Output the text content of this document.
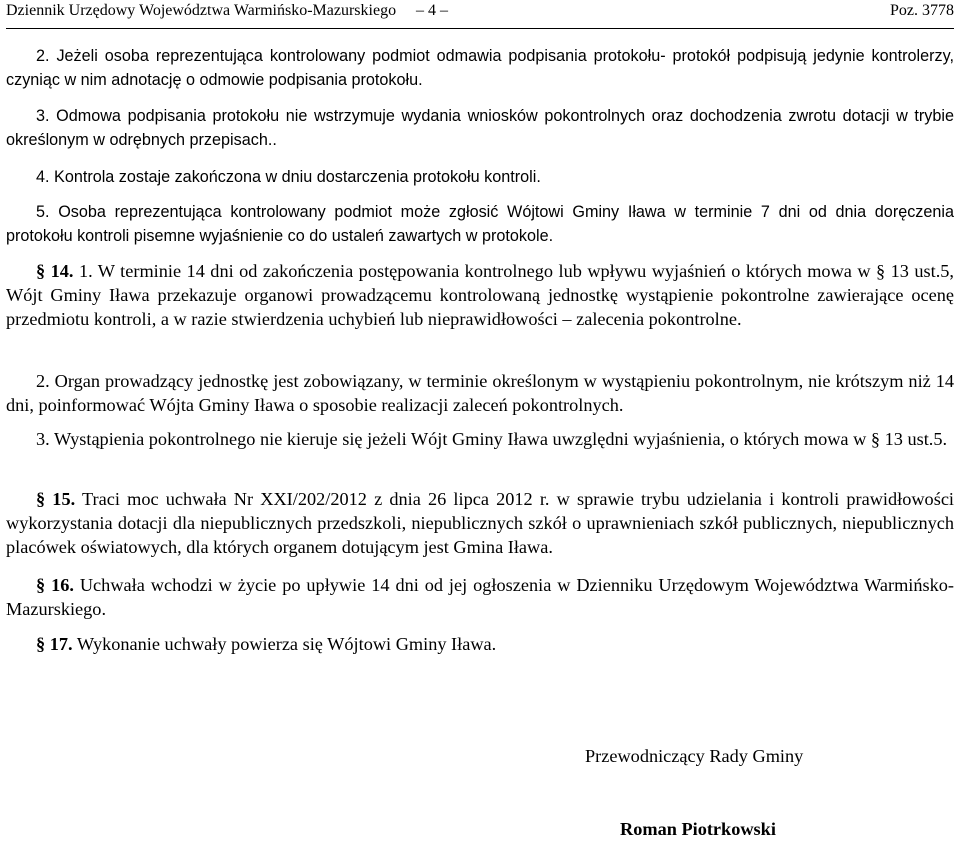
Dziennik Urzędowy Województwa Warmińsko-Mazurskiego – 4 –	Poz. 3778
2. Jeżeli osoba reprezentująca kontrolowany podmiot odmawia podpisania protokołu- protokół podpisują jedynie kontrolerzy, czyniąc w nim adnotację o odmowie podpisania protokołu.
3. Odmowa podpisania protokołu nie wstrzymuje wydania wniosków pokontrolnych oraz dochodzenia zwrotu dotacji w trybie określonym w odrębnych przepisach..
4. Kontrola zostaje zakończona w dniu dostarczenia protokołu kontroli.
5. Osoba reprezentująca kontrolowany podmiot może zgłosić Wójtowi Gminy Iława w terminie 7 dni od dnia doręczenia protokołu kontroli pisemne wyjaśnienie co do ustaleń zawartych w protokole.
§ 14. 1. W terminie 14 dni od zakończenia postępowania kontrolnego lub wpływu wyjaśnień o których mowa w § 13 ust.5, Wójt Gminy Iława przekazuje organowi prowadzącemu kontrolowaną jednostkę wystąpienie pokontrolne zawierające ocenę przedmiotu kontroli, a w razie stwierdzenia uchybień lub nieprawidłowości – zalecenia pokontrolne.
2. Organ prowadzący jednostkę jest zobowiązany, w terminie określonym w wystąpieniu pokontrolnym, nie krótszym niż 14 dni, poinformować Wójta Gminy Iława o sposobie realizacji zaleceń pokontrolnych.
3. Wystąpienia pokontrolnego nie kieruje się jeżeli Wójt Gminy Iława uwzględni wyjaśnienia, o których mowa w § 13 ust.5.
§ 15. Traci moc uchwała Nr XXI/202/2012 z dnia 26 lipca 2012 r. w sprawie trybu udzielania i kontroli prawidłowości wykorzystania dotacji dla niepublicznych przedszkoli, niepublicznych szkół o uprawnieniach szkół publicznych, niepublicznych placówek oświatowych, dla których organem dotującym jest Gmina Iława.
§ 16. Uchwała wchodzi w życie po upływie 14 dni od jej ogłoszenia w Dzienniku Urzędowym Województwa Warmińsko-Mazurskiego.
§ 17. Wykonanie uchwały powierza się Wójtowi Gminy Iława.
Przewodniczący Rady Gminy
Roman Piotrkowski
